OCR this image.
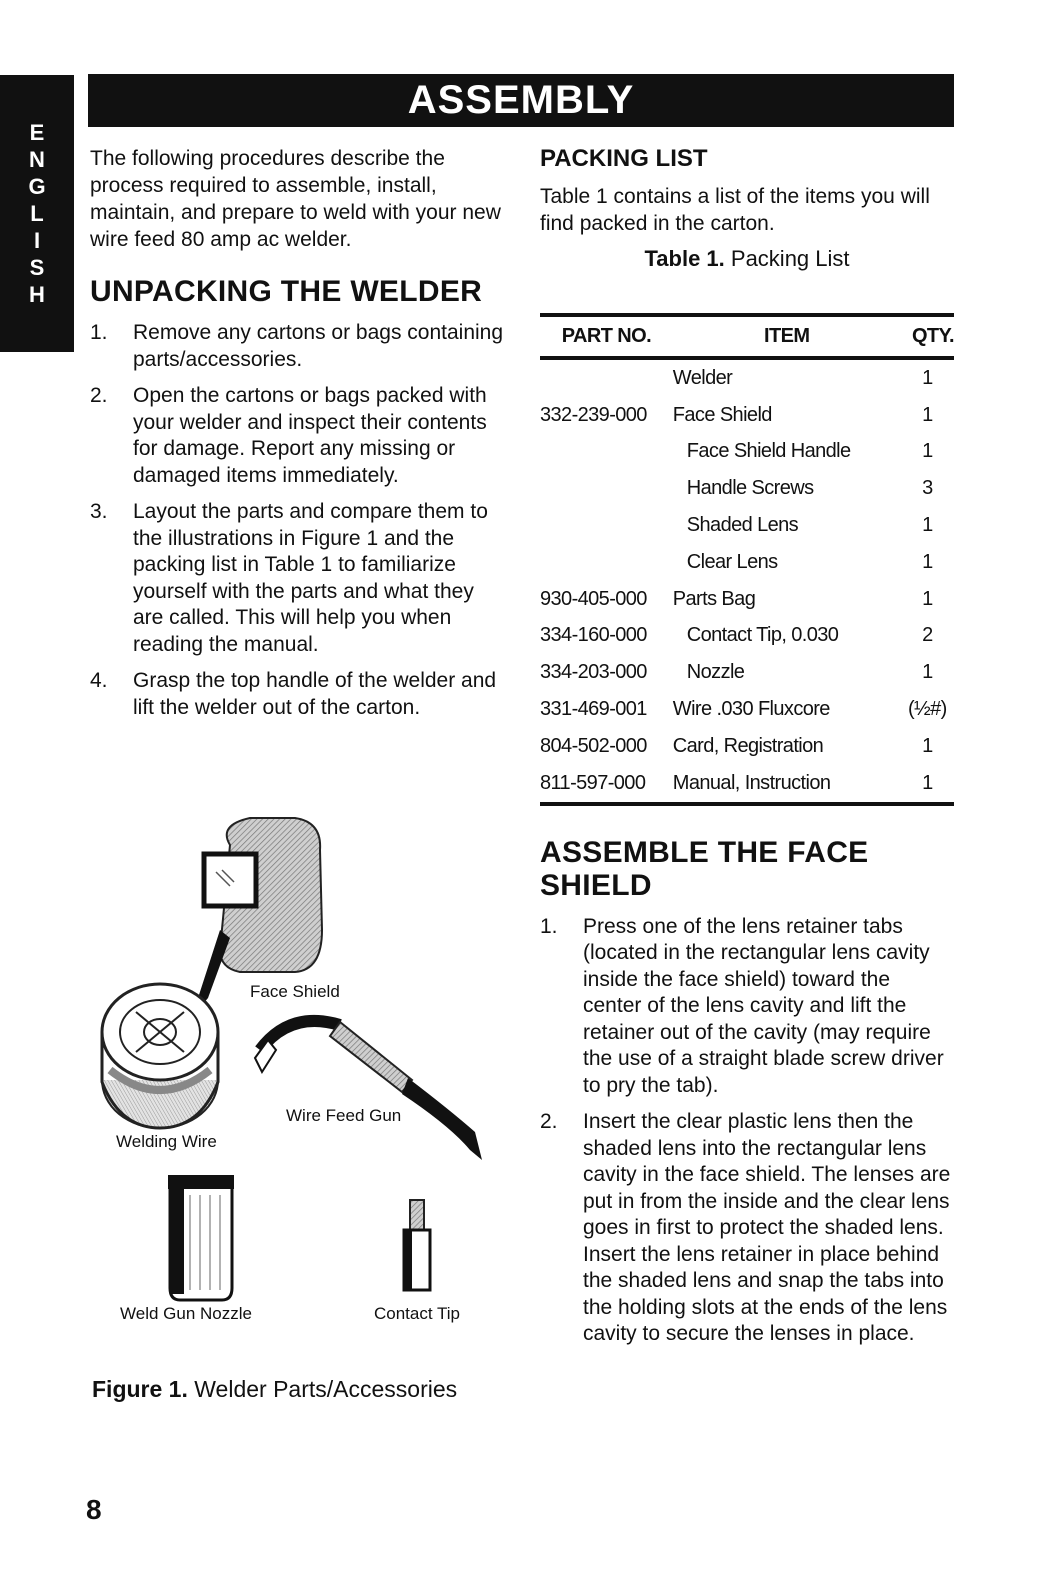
E
N
G
L
I
S
H
ASSEMBLY

The following procedures describe the process required to assemble, install, maintain, and prepare to weld with your new wire feed 80 amp ac welder.

UNPACKING THE WELDER
1. Remove any cartons or bags containing parts/accessories.
2. Open the cartons or bags packed with your welder and inspect their contents for damage. Report any missing or damaged items immediately.
3. Layout the parts and compare them to the illustrations in Figure 1 and the packing list in Table 1 to familiarize yourself with the parts and what they are called. This will help you when reading the manual.
4. Grasp the top handle of the welder and lift the welder out of the carton.
Face Shield
Wire Feed Gun
Welding Wire
Weld Gun Nozzle	Contact Tip
Figure 1. Welder Parts/Accessories
PACKING LIST

Table 1 contains a list of the items you will find packed in the carton.

Table 1. Packing List
PART NO.	ITEM	QTY.
	Welder	1
332-239-000	Face Shield	1
	Face Shield Handle	1
	Handle Screws	3
	Shaded Lens	1
	Clear Lens	1
930-405-000	Parts Bag	1
334-160-000	Contact Tip, 0.030	2
334-203-000	Nozzle	1
331-469-001	Wire .030 Fluxcore	(½#)
804-502-000	Card, Registration	1
811-597-000	Manual, Instruction	1
ASSEMBLE THE FACE
SHIELD
1. Press one of the lens retainer tabs (located in the rectangular lens cavity inside the face shield) toward the center of the lens cavity and lift the retainer out of the cavity (may require the use of a straight blade screw driver to pry the tab).
2. Insert the clear plastic lens then the shaded lens into the rectangular lens cavity in the face shield. The lenses are put in from the inside and the clear lens goes in first to protect the shaded lens. Insert the lens retainer in place behind the shaded lens and snap the tabs into the holding slots at the ends of the lens cavity to secure the lenses in place.
8
